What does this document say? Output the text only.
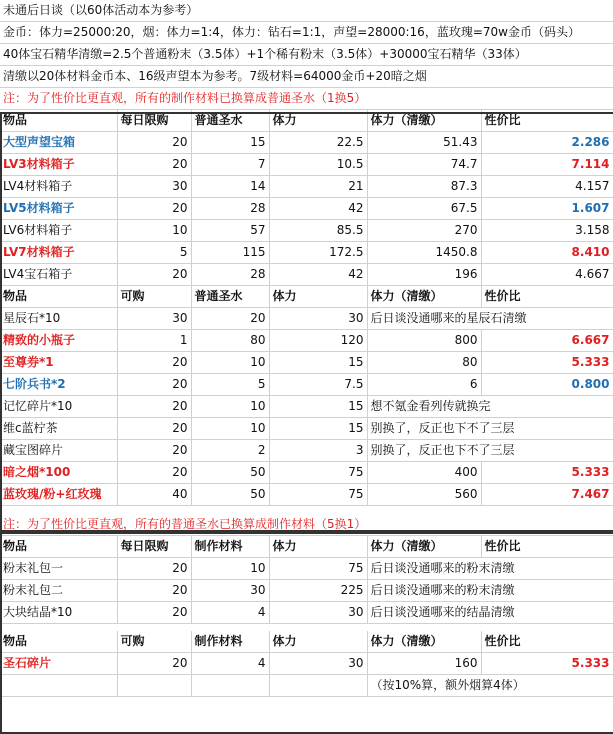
未通后日谈（以60体活动本为参考）					
金币：体力=25000:20，烟：体力=1:4，体力：钻石=1:1，声望=28000:16，蓝玫瑰=70w金币（码头）					
40体宝石精华清缴=2.5个普通粉末（3.5体）+1个稀有粉末（3.5体）+30000宝石精华（33体）					
清缴以20体材料金币本、16级声望本为参考。7级材料=64000金币+20暗之烟					
注：为了性价比更直观，所有的制作材料已换算成普通圣水（1换5）					
物品	每日限购	普通圣水	体力	体力（清缴）	性价比
大型声望宝箱	20	15	22.5	51.43	2.286
LV3材料箱子	20	7	10.5	74.7	7.114
LV4材料箱子	30	14	21	87.3	4.157
LV5材料箱子	20	28	42	67.5	1.607
LV6材料箱子	10	57	85.5	270	3.158
LV7材料箱子	5	115	172.5	1450.8	8.410
LV4宝石箱子	20	28	42	196	4.667
物品	可购	普通圣水	体力	体力（清缴）	性价比
星辰石*10	30	20	30	后日谈没通哪来的星辰石清缴	
精致的小瓶子	1	80	120	800	6.667
至尊券*1	20	10	15	80	5.333
七阶兵书*2	20	5	7.5	6	0.800
记忆碎片*10	20	10	15	想不氪金看列传就换完	
维c蓝柠茶	20	10	15	别换了，反正也下不了三层	
藏宝图碎片	20	2	3	别换了，反正也下不了三层	
暗之烟*100	20	50	75	400	5.333
蓝玫瑰/粉+红玫瑰	40	50	75	560	7.467

注：为了性价比更直观，所有的普通圣水已换算成制作材料（5换1）					
物品	每日限购	制作材料	体力	体力（清缴）	性价比
粉末礼包一	20	10	75	后日谈没通哪来的粉末清缴	
粉末礼包二	20	30	225	后日谈没通哪来的粉末清缴	
大块结晶*10	20	4	30	后日谈没通哪来的结晶清缴	

物品	可购	制作材料	体力	体力（清缴）	性价比
圣石碎片	20	4	30	160	5.333
				（按10%算，额外烟算4体）	
